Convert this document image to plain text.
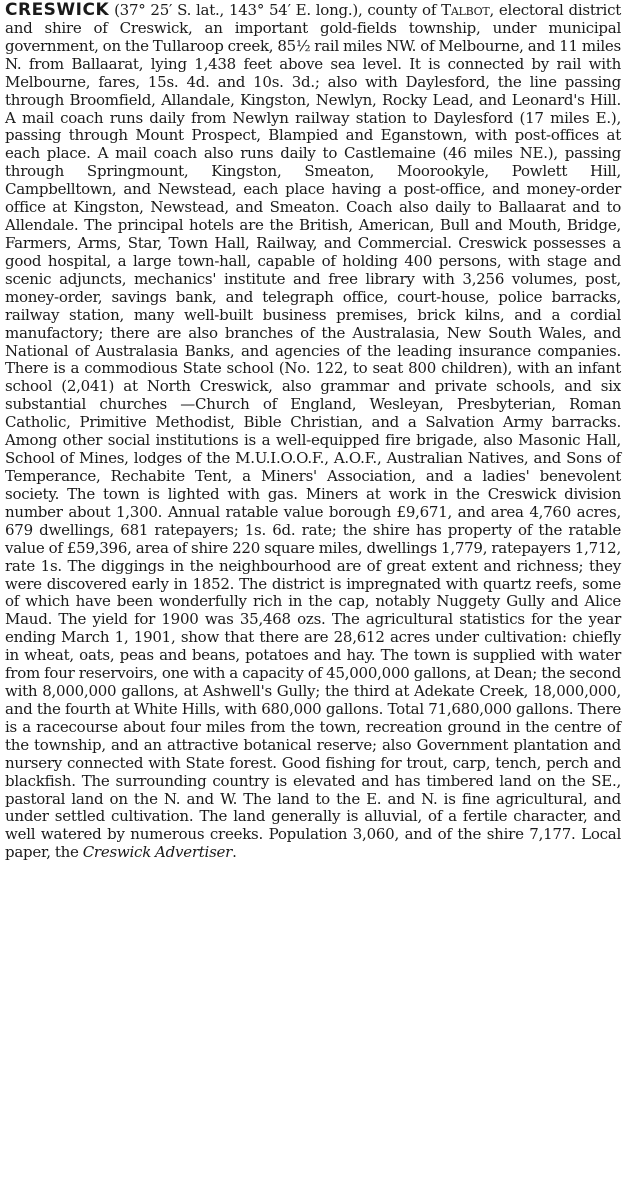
CRESWICK (37° 25′ S. lat., 143° 54′ E. long.), county of Talbot, electoral district and shire of Creswick, an important gold-fields township, under municipal government, on the Tullaroop creek, 85½ rail miles NW. of Melbourne, and 11 miles N. from Ballaarat, lying 1,438 feet above sea level. It is connected by rail with Melbourne, fares, 15s. 4d. and 10s. 3d.; also with Daylesford, the line passing through Broomfield, Allandale, Kingston, Newlyn, Rocky Lead, and Leonard's Hill. A mail coach runs daily from Newlyn railway station to Daylesford (17 miles E.), passing through Mount Prospect, Blampied and Eganstown, with post-offices at each place. A mail coach also runs daily to Castlemaine (46 miles NE.), passing through Springmount, Kingston, Smeaton, Moorookyle, Powlett Hill, Campbelltown, and Newstead, each place having a post-office, and money-order office at Kingston, Newstead, and Smeaton. Coach also daily to Ballaarat and to Allendale. The principal hotels are the British, American, Bull and Mouth, Bridge, Farmers, Arms, Star, Town Hall, Railway, and Commercial. Creswick possesses a good hospital, a large town-hall, capable of holding 400 persons, with stage and scenic adjuncts, mechanics' institute and free library with 3,256 volumes, post, money-order, savings bank, and telegraph office, court-house, police barracks, railway station, many well-built business premises, brick kilns, and a cordial manufactory; there are also branches of the Australasia, New South Wales, and National of Australasia Banks, and agencies of the leading insurance companies. There is a commodious State school (No. 122, to seat 800 children), with an infant school (2,041) at North Creswick, also grammar and private schools, and six substantial churches —Church of England, Wesleyan, Presbyterian, Roman Catholic, Primitive Methodist, Bible Christian, and a Salvation Army barracks. Among other social institutions is a well-equipped fire brigade, also Masonic Hall, School of Mines, lodges of the M.U.I.O.O.F., A.O.F., Australian Natives, and Sons of Temperance, Rechabite Tent, a Miners' Association, and a ladies' benevolent society. The town is lighted with gas. Miners at work in the Creswick division number about 1,300. Annual ratable value borough £9,671, and area 4,760 acres, 679 dwellings, 681 ratepayers; 1s. 6d. rate; the shire has property of the ratable value of £59,396, area of shire 220 square miles, dwellings 1,779, ratepayers 1,712, rate 1s. The diggings in the neighbourhood are of great extent and richness; they were discovered early in 1852. The district is impregnated with quartz reefs, some of which have been wonderfully rich in the cap, notably Nuggety Gully and Alice Maud. The yield for 1900 was 35,468 ozs. The agricultural statistics for the year ending March 1, 1901, show that there are 28,612 acres under cultivation: chiefly in wheat, oats, peas and beans, potatoes and hay. The town is supplied with water from four reservoirs, one with a capacity of 45,000,000 gallons, at Dean; the second with 8,000,000 gallons, at Ashwell's Gully; the third at Adekate Creek, 18,000,000, and the fourth at White Hills, with 680,000 gallons. Total 71,680,000 gallons. There is a racecourse about four miles from the town, recreation ground in the centre of the township, and an attractive botanical reserve; also Government plantation and nursery connected with State forest. Good fishing for trout, carp, tench, perch and blackfish. The surrounding country is elevated and has timbered land on the SE., pastoral land on the N. and W. The land to the E. and N. is fine agricultural, and under settled cultivation. The land generally is alluvial, of a fertile character, and well watered by numerous creeks. Population 3,060, and of the shire 7,177. Local paper, the Creswick Advertiser.
